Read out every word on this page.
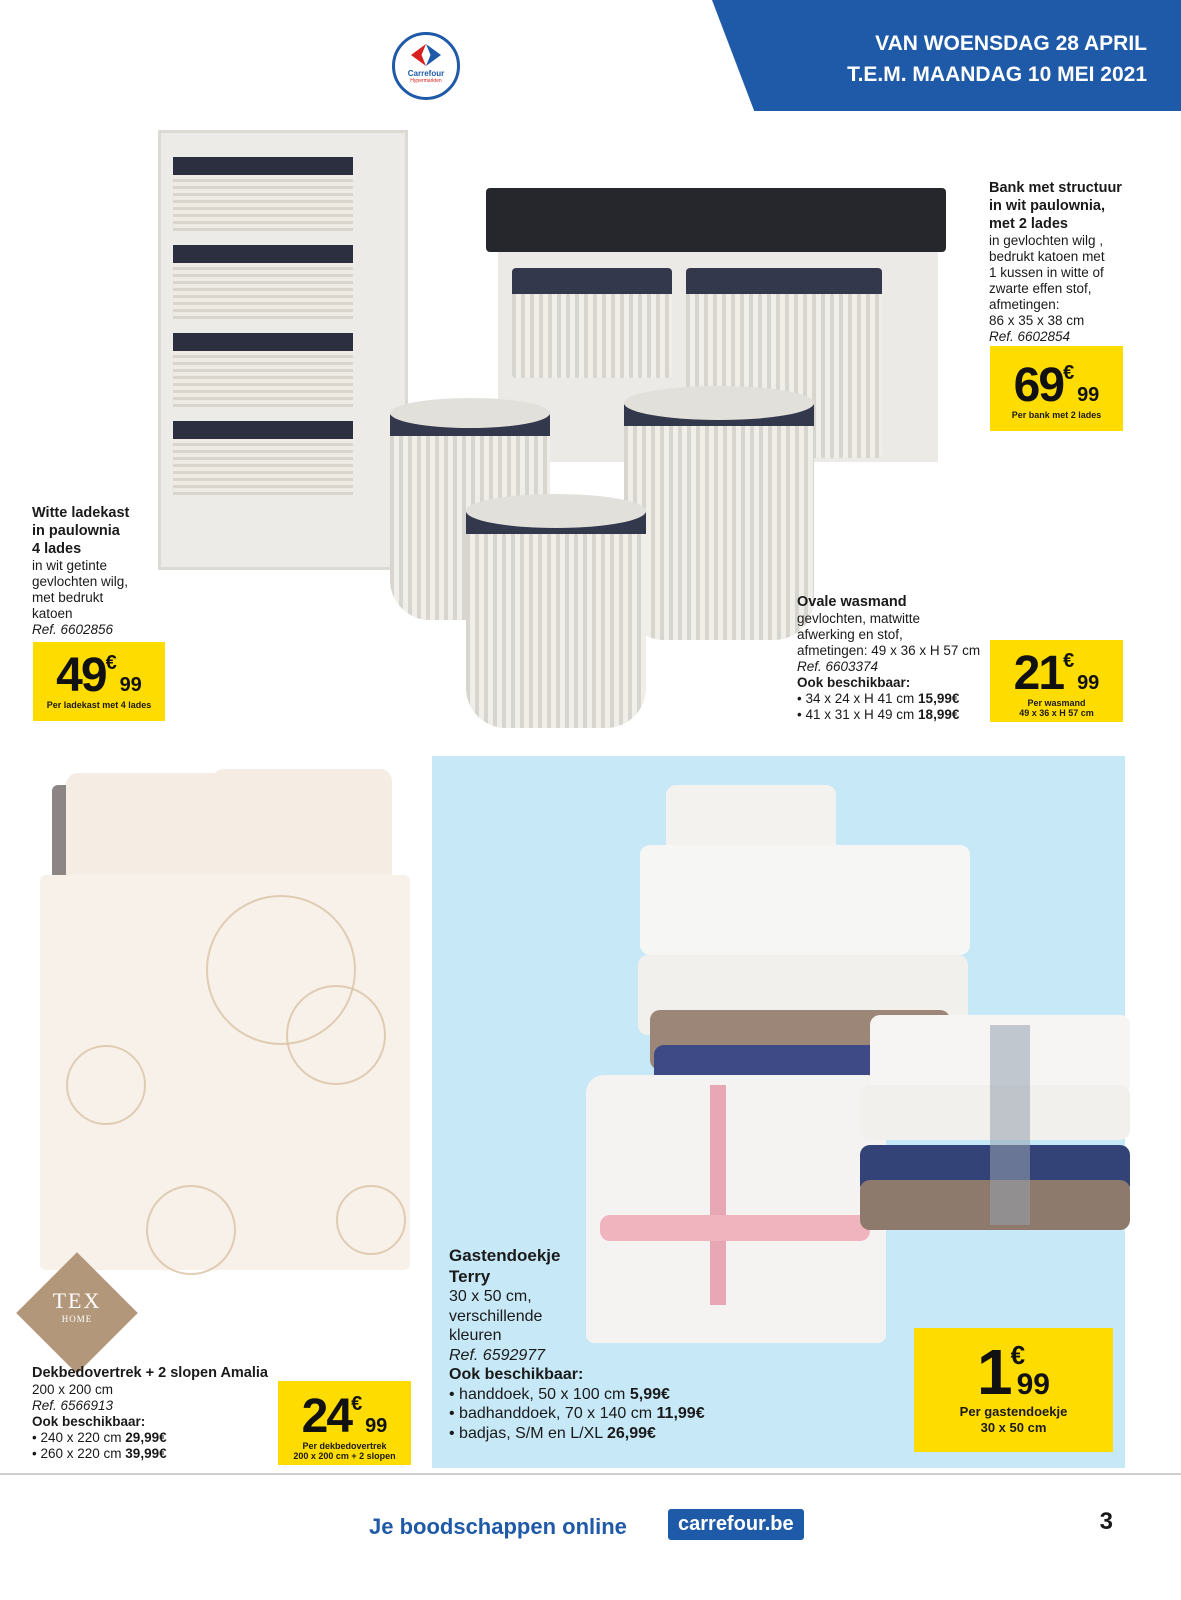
VAN WOENSDAG 28 APRIL
T.E.M. MAANDAG 10 MEI 2021
Carrefour
Hypermarkten
Witte ladekast
in paulownia
4 lades
in wit getinte
gevlochten wilg,
met bedrukt
katoen
Ref. 6602856
49 €
99
Per ladekast met 4 lades
Bank met structuur
in wit paulownia,
met 2 lades
in gevlochten wilg ,
bedrukt katoen met
1 kussen in witte of
zwarte effen stof,
afmetingen:
86 x 35 x 38 cm
Ref. 6602854
69 €
99
Per bank met 2 lades
Ovale wasmand
gevlochten, matwitte
afwerking en stof,
afmetingen: 49 x 36 x H 57 cm
Ref. 6603374
Ook beschikbaar:
• 34 x 24 x H 41 cm 15,99€
• 41 x 31 x H 49 cm 18,99€
21 €
99
Per wasmand
49 x 36 x H 57 cm
TEX
HOME
Dekbedovertrek + 2 slopen Amalia
200 x 200 cm
Ref. 6566913
Ook beschikbaar:
• 240 x 220 cm 29,99€
• 260 x 220 cm 39,99€
24 €
99
Per dekbedovertrek
200 x 200 cm + 2 slopen
Gastendoekje
Terry
30 x 50 cm,
verschillende
kleuren
Ref. 6592977
Ook beschikbaar:
• handdoek, 50 x 100 cm 5,99€
• badhanddoek, 70 x 140 cm 11,99€
• badjas, S/M en L/XL 26,99€
1 €
99
Per gastendoekje
30 x 50 cm
Je boodschappen online	carrefour.be	3
